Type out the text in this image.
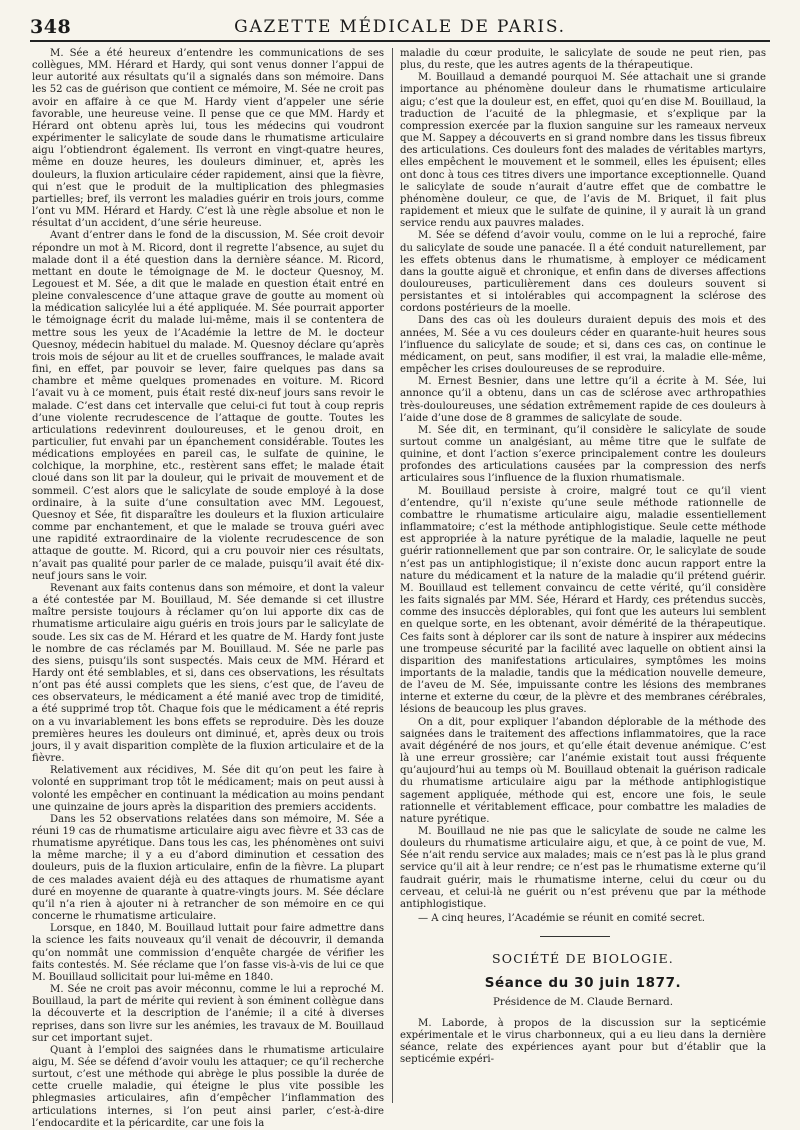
348	GAZETTE MÉDICALE DE PARIS.

M. Sée a été heureux d’entendre les communications de ses collègues, MM. Hérard et Hardy, qui sont venus donner l’appui de leur autorité aux résultats qu’il a signalés dans son mémoire. Dans les 52 cas de guérison que contient ce mémoire, M. Sée ne croit pas avoir en affaire à ce que M. Hardy vient d’appeler une série favorable, une heureuse veine. Il pense que ce que MM. Hardy et Hérard ont obtenu après lui, tous les médecins qui voudront expérimenter le salicylate de soude dans le rhumatisme articulaire aigu l’obtiendront également. Ils verront en vingt-quatre heures, même en douze heures, les douleurs diminuer, et, après les douleurs, la fluxion articulaire céder rapidement, ainsi que la fièvre, qui n’est que le produit de la multiplication des phlegmasies partielles; bref, ils verront les maladies guérir en trois jours, comme l’ont vu MM. Hérard et Hardy. C’est là une règle absolue et non le résultat d’un accident, d’une série heureuse.

Avant d’entrer dans le fond de la discussion, M. Sée croit devoir répondre un mot à M. Ricord, dont il regrette l’absence, au sujet du malade dont il a été question dans la dernière séance. M. Ricord, mettant en doute le témoignage de M. le docteur Quesnoy, M. Legouest et M. Sée, a dit que le malade en question était entré en pleine convalescence d’une attaque grave de goutte au moment où la médication salicylée lui a été appliquée. M. Sée pourrait apporter le témoignage écrit du malade lui-même, mais il se contentera de mettre sous les yeux de l’Académie la lettre de M. le docteur Quesnoy, médecin habituel du malade. M. Quesnoy déclare qu’après trois mois de séjour au lit et de cruelles souffrances, le malade avait fini, en effet, par pouvoir se lever, faire quelques pas dans sa chambre et même quelques promenades en voiture. M. Ricord l’avait vu à ce moment, puis était resté dix-neuf jours sans revoir le malade. C’est dans cet intervalle que celui-ci fut tout à coup repris d’une violente recrudescence de l’attaque de goutte. Toutes les articulations redevinrent douloureuses, et le genou droit, en particulier, fut envahi par un épanchement considérable. Toutes les médications employées en pareil cas, le sulfate de quinine, le colchique, la morphine, etc., restèrent sans effet; le malade était cloué dans son lit par la douleur, qui le privait de mouvement et de sommeil. C’est alors que le salicylate de soude employé à la dose ordinaire, à la suite d’une consultation avec MM. Legouest, Quesnoy et Sée, fit disparaître les douleurs et la fluxion articulaire comme par enchantement, et que le malade se trouva guéri avec une rapidité extraordinaire de la violente recrudescence de son attaque de goutte. M. Ricord, qui a cru pouvoir nier ces résultats, n’avait pas qualité pour parler de ce malade, puisqu’il avait été dix-neuf jours sans le voir.

Revenant aux faits contenus dans son mémoire, et dont la valeur a été contestée par M. Bouillaud, M. Sée demande si cet illustre maître persiste toujours à réclamer qu’on lui apporte dix cas de rhumatisme articulaire aigu guéris en trois jours par le salicylate de soude. Les six cas de M. Hérard et les quatre de M. Hardy font juste le nombre de cas réclamés par M. Bouillaud. M. Sée ne parle pas des siens, puisqu’ils sont suspectés. Mais ceux de MM. Hérard et Hardy ont été semblables, et si, dans ces observations, les résultats n’ont pas été aussi complets que les siens, c’est que, de l’aveu de ces observateurs, le médicament a été manié avec trop de timidité, a été supprimé trop tôt. Chaque fois que le médicament a été repris on a vu invariablement les bons effets se reproduire. Dès les douze premières heures les douleurs ont diminué, et, après deux ou trois jours, il y avait disparition complète de la fluxion articulaire et de la fièvre.

Relativement aux récidives, M. Sée dit qu’on peut les faire à volonté en supprimant trop tôt le médicament; mais on peut aussi à volonté les empêcher en continuant la médication au moins pendant une quinzaine de jours après la disparition des premiers accidents.

Dans les 52 observations relatées dans son mémoire, M. Sée a réuni 19 cas de rhumatisme articulaire aigu avec fièvre et 33 cas de rhumatisme apyrétique. Dans tous les cas, les phénomènes ont suivi la même marche; il y a eu d’abord diminution et cessation des douleurs, puis de la fluxion articulaire, enfin de la fièvre. La plupart de ces malades avaient déjà eu des attaques de rhumatisme ayant duré en moyenne de quarante à quatre-vingts jours. M. Sée déclare qu’il n’a rien à ajouter ni à retrancher de son mémoire en ce qui concerne le rhumatisme articulaire.

Lorsque, en 1840, M. Bouillaud luttait pour faire admettre dans la science les faits nouveaux qu’il venait de découvrir, il demanda qu’on nommât une commission d’enquête chargée de vérifier les faits contestés. M. Sée réclame que l’on fasse vis-à-vis de lui ce que M. Bouillaud sollicitait pour lui-même en 1840.

M. Sée ne croit pas avoir méconnu, comme le lui a reproché M. Bouillaud, la part de mérite qui revient à son éminent collègue dans la découverte et la description de l’anémie; il a cité à diverses reprises, dans son livre sur les anémies, les travaux de M. Bouillaud sur cet important sujet.

Quant à l’emploi des saignées dans le rhumatisme articulaire aigu, M. Sée se défend d’avoir voulu les attaquer; ce qu’il recherche surtout, c’est une méthode qui abrège le plus possible la durée de cette cruelle maladie, qui éteigne le plus vite possible les phlegmasies articulaires, afin d’empêcher l’inflammation des articulations internes, si l’on peut ainsi parler, c’est-à-dire l’endocardite et la péricardite, car une fois la

maladie du cœur produite, le salicylate de soude ne peut rien, pas plus, du reste, que les autres agents de la thérapeutique.

M. Bouillaud a demandé pourquoi M. Sée attachait une si grande importance au phénomène douleur dans le rhumatisme articulaire aigu; c’est que la douleur est, en effet, quoi qu’en dise M. Bouillaud, la traduction de l’acuité de la phlegmasie, et s’explique par la compression exercée par la fluxion sanguine sur les rameaux nerveux que M. Sappey a découverts en si grand nombre dans les tissus fibreux des articulations. Ces douleurs font des malades de véritables martyrs, elles empêchent le mouvement et le sommeil, elles les épuisent; elles ont donc à tous ces titres divers une importance exceptionnelle. Quand le salicylate de soude n’aurait d’autre effet que de combattre le phénomène douleur, ce que, de l’avis de M. Briquet, il fait plus rapidement et mieux que le sulfate de quinine, il y aurait là un grand service rendu aux pauvres malades.

M. Sée se défend d’avoir voulu, comme on le lui a reproché, faire du salicylate de soude une panacée. Il a été conduit naturellement, par les effets obtenus dans le rhumatisme, à employer ce médicament dans la goutte aiguë et chronique, et enfin dans de diverses affections douloureuses, particulièrement dans ces douleurs souvent si persistantes et si intolérables qui accompagnent la sclérose des cordons postérieurs de la moelle.

Dans des cas où les douleurs duraient depuis des mois et des années, M. Sée a vu ces douleurs céder en quarante-huit heures sous l’influence du salicylate de soude; et si, dans ces cas, on continue le médicament, on peut, sans modifier, il est vrai, la maladie elle-même, empêcher les crises douloureuses de se reproduire.

M. Ernest Besnier, dans une lettre qu’il a écrite à M. Sée, lui annonce qu’il a obtenu, dans un cas de sclérose avec arthropathies très-douloureuses, une sédation extrêmement rapide de ces douleurs à l’aide d’une dose de 8 grammes de salicylate de soude.

M. Sée dit, en terminant, qu’il considère le salicylate de soude surtout comme un analgésiant, au même titre que le sulfate de quinine, et dont l’action s’exerce principalement contre les douleurs profondes des articulations causées par la compression des nerfs articulaires sous l’influence de la fluxion rhumatismale.

M. Bouillaud persiste à croire, malgré tout ce qu’il vient d’entendre, qu’il n’existe qu’une seule méthode rationnelle de combattre le rhumatisme articulaire aigu, maladie essentiellement inflammatoire; c’est la méthode antiphlogistique. Seule cette méthode est appropriée à la nature pyrétique de la maladie, laquelle ne peut guérir rationnellement que par son contraire. Or, le salicylate de soude n’est pas un antiphlogistique; il n’existe donc aucun rapport entre la nature du médicament et la nature de la maladie qu’il prétend guérir. M. Bouillaud est tellement convaincu de cette vérité, qu’il considère les faits signalés par MM. Sée, Hérard et Hardy, ces prétendus succès, comme des insuccès déplorables, qui font que les auteurs lui semblent en quelque sorte, en les obtenant, avoir démérité de la thérapeutique. Ces faits sont à déplorer car ils sont de nature à inspirer aux médecins une trompeuse sécurité par la facilité avec laquelle on obtient ainsi la disparition des manifestations articulaires, symptômes les moins importants de la maladie, tandis que la médication nouvelle demeure, de l’aveu de M. Sée, impuissante contre les lésions des membranes interne et externe du cœur, de la plèvre et des membranes cérébrales, lésions de beaucoup les plus graves.

On a dit, pour expliquer l’abandon déplorable de la méthode des saignées dans le traitement des affections inflammatoires, que la race avait dégénéré de nos jours, et qu’elle était devenue anémique. C’est là une erreur grossière; car l’anémie existait tout aussi fréquente qu’aujourd’hui au temps où M. Bouillaud obtenait la guérison radicale du rhumatisme articulaire aigu par la méthode antiphlogistique sagement appliquée, méthode qui est, encore une fois, le seule rationnelle et véritablement efficace, pour combattre les maladies de nature pyrétique.

M. Bouillaud ne nie pas que le salicylate de soude ne calme les douleurs du rhumatisme articulaire aigu, et que, à ce point de vue, M. Sée n’ait rendu service aux malades; mais ce n’est pas là le plus grand service qu’il ait à leur rendre; ce n’est pas le rhumatisme externe qu’il faudrait guérir, mais le rhumatisme interne, celui du cœur ou du cerveau, et celui-là ne guérit ou n’est prévenu que par la méthode antiphlogistique.

— A cinq heures, l’Académie se réunit en comité secret.

SOCIÉTÉ DE BIOLOGIE.
Séance du 30 juin 1877.
Présidence de M. Claude Bernard.

M. Laborde, à propos de la discussion sur la septicémie expérimentale et le virus charbonneux, qui a eu lieu dans la dernière séance, relate des expériences ayant pour but d’établir que la septicémie expéri-
